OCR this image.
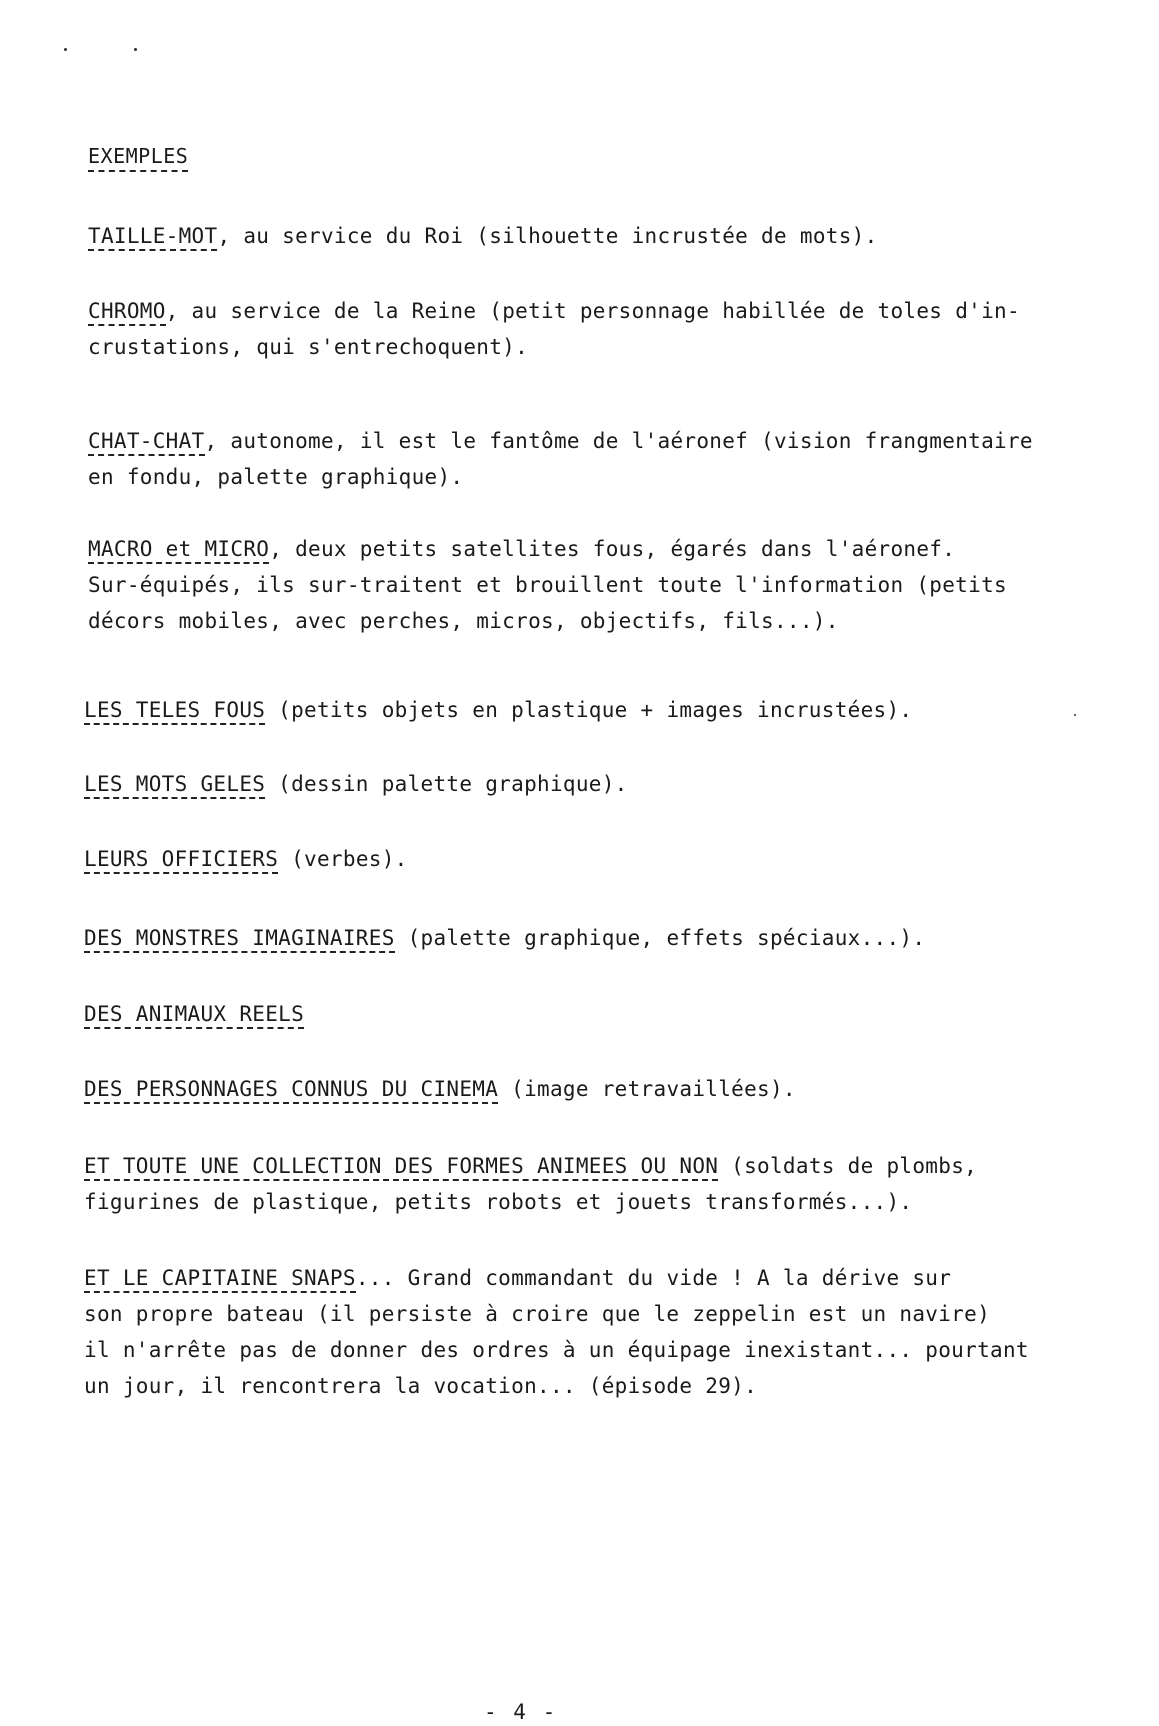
EXEMPLES
TAILLE-MOT, au service du Roi (silhouette incrustée de mots).
CHROMO, au service de la Reine (petit personnage habillée de toles d'in-
crustations, qui s'entrechoquent).
CHAT-CHAT, autonome, il est le fantôme de l'aéronef (vision frangmentaire
en fondu, palette graphique).
MACRO et MICRO, deux petits satellites fous, égarés dans l'aéronef.
Sur-équipés, ils sur-traitent et brouillent toute l'information (petits
décors mobiles, avec perches, micros, objectifs, fils...).
LES TELES FOUS (petits objets en plastique + images incrustées).
LES MOTS GELES (dessin palette graphique).
LEURS OFFICIERS (verbes).
DES MONSTRES IMAGINAIRES (palette graphique, effets spéciaux...).
DES ANIMAUX REELS
DES PERSONNAGES CONNUS DU CINEMA (image retravaillées).
ET TOUTE UNE COLLECTION DES FORMES ANIMEES OU NON (soldats de plombs,
figurines de plastique, petits robots et jouets transformés...).
ET LE CAPITAINE SNAPS... Grand commandant du vide ! A la dérive sur
son propre bateau (il persiste à croire que le zeppelin est un navire)
il n'arrête pas de donner des ordres à un équipage inexistant... pourtant
un jour, il rencontrera la vocation... (épisode 29).
- 4 -
